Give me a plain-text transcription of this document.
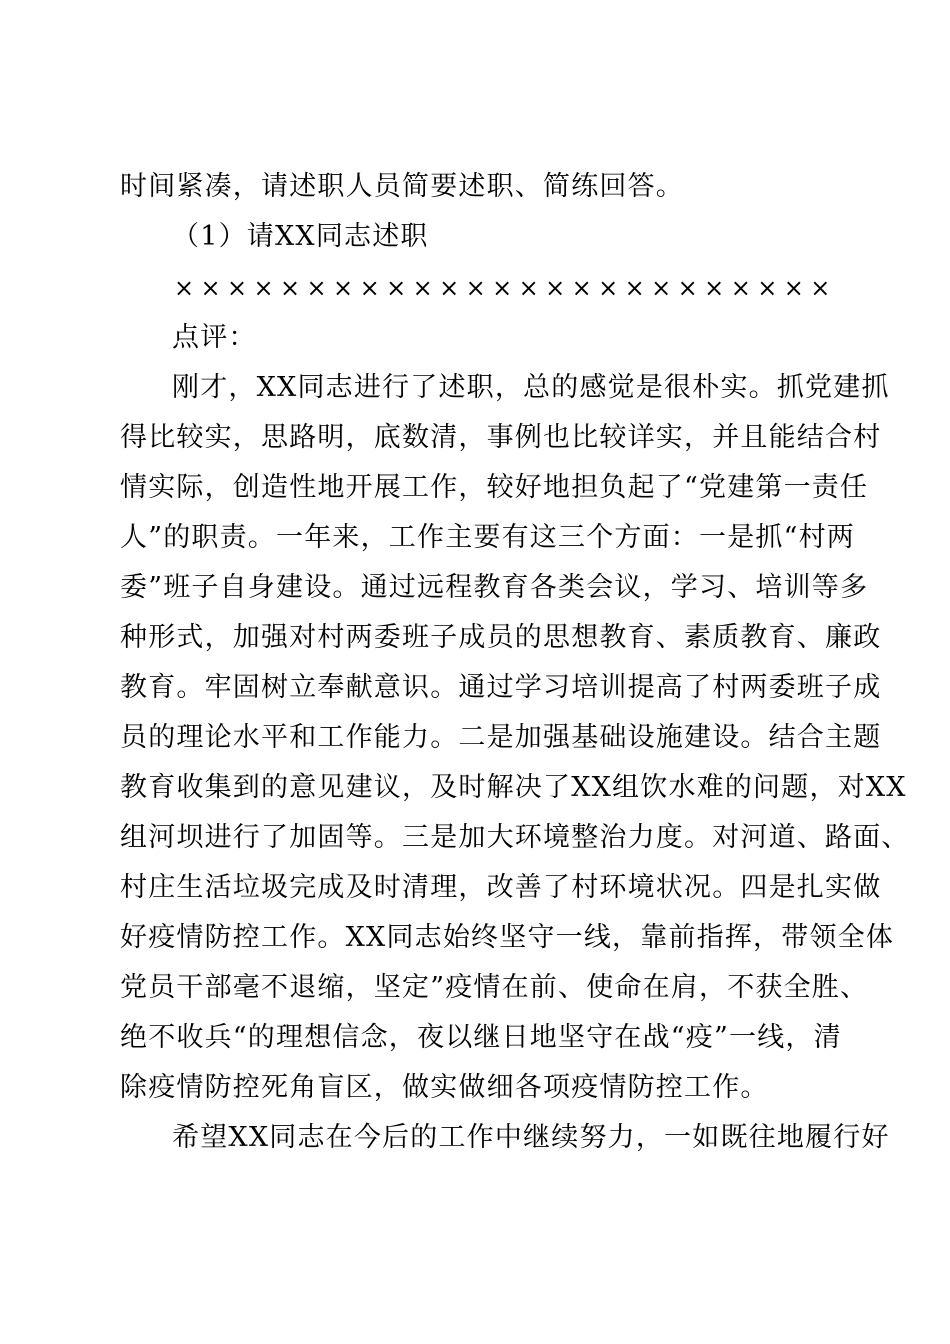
时间紧凑，请述职人员简要述职、简练回答。
（1）请XX同志述职
×××××××××××××××××××××××××
点评：
刚才，XX同志进行了述职，总的感觉是很朴实。抓党建抓
得比较实，思路明，底数清，事例也比较详实，并且能结合村
情实际，创造性地开展工作，较好地担负起了“党建第一责任
人”的职责。一年来，工作主要有这三个方面：一是抓“村两
委”班子自身建设。通过远程教育各类会议，学习、培训等多
种形式，加强对村两委班子成员的思想教育、素质教育、廉政
教育。牢固树立奉献意识。通过学习培训提高了村两委班子成
员的理论水平和工作能力。二是加强基础设施建设。结合主题
教育收集到的意见建议，及时解决了XX组饮水难的问题，对XX
组河坝进行了加固等。三是加大环境整治力度。对河道、路面、
村庄生活垃圾完成及时清理，改善了村环境状况。四是扎实做
好疫情防控工作。XX同志始终坚守一线，靠前指挥，带领全体
党员干部毫不退缩，坚定”疫情在前、使命在肩，不获全胜、
绝不收兵“的理想信念，夜以继日地坚守在战“疫”一线，清
除疫情防控死角盲区，做实做细各项疫情防控工作。
希望XX同志在今后的工作中继续努力，一如既往地履行好
